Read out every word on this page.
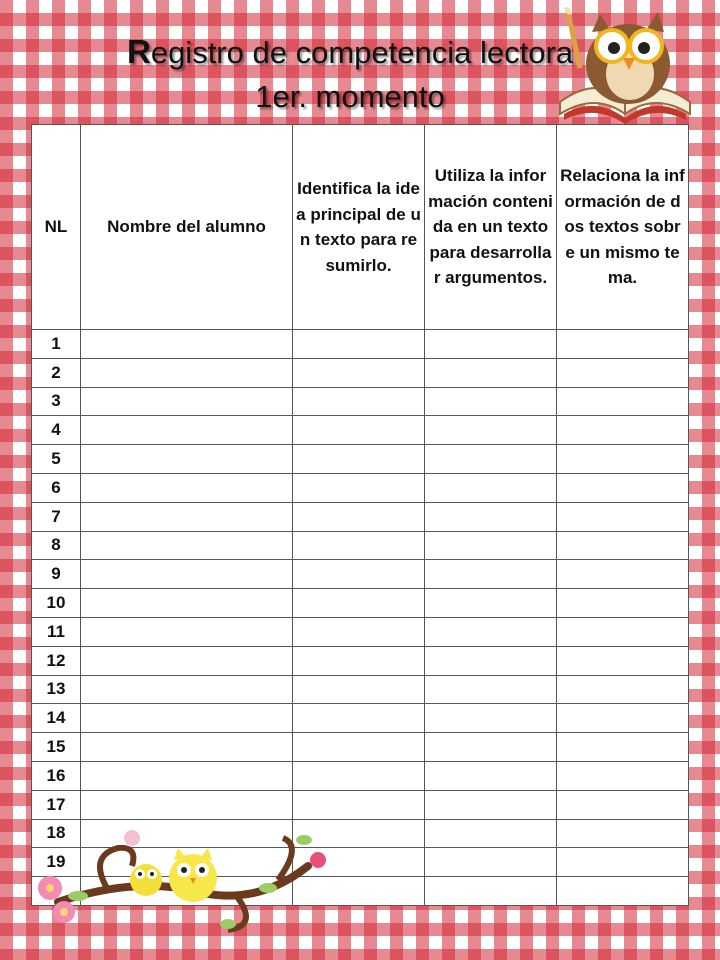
Registro de competencia lectora
1er. momento
NL	Nombre del alumno	Identifica la idea principal de un texto para resumirlo.	Utiliza la información contenida en un texto para desarrollar argumentos.	Relaciona la información de dos textos sobre un mismo tema.

1				
2				
3				
4				
5				
6				
7				
8				
9				
10				
11				
12				
13				
14				
15				
16				
17				
18				
19				
